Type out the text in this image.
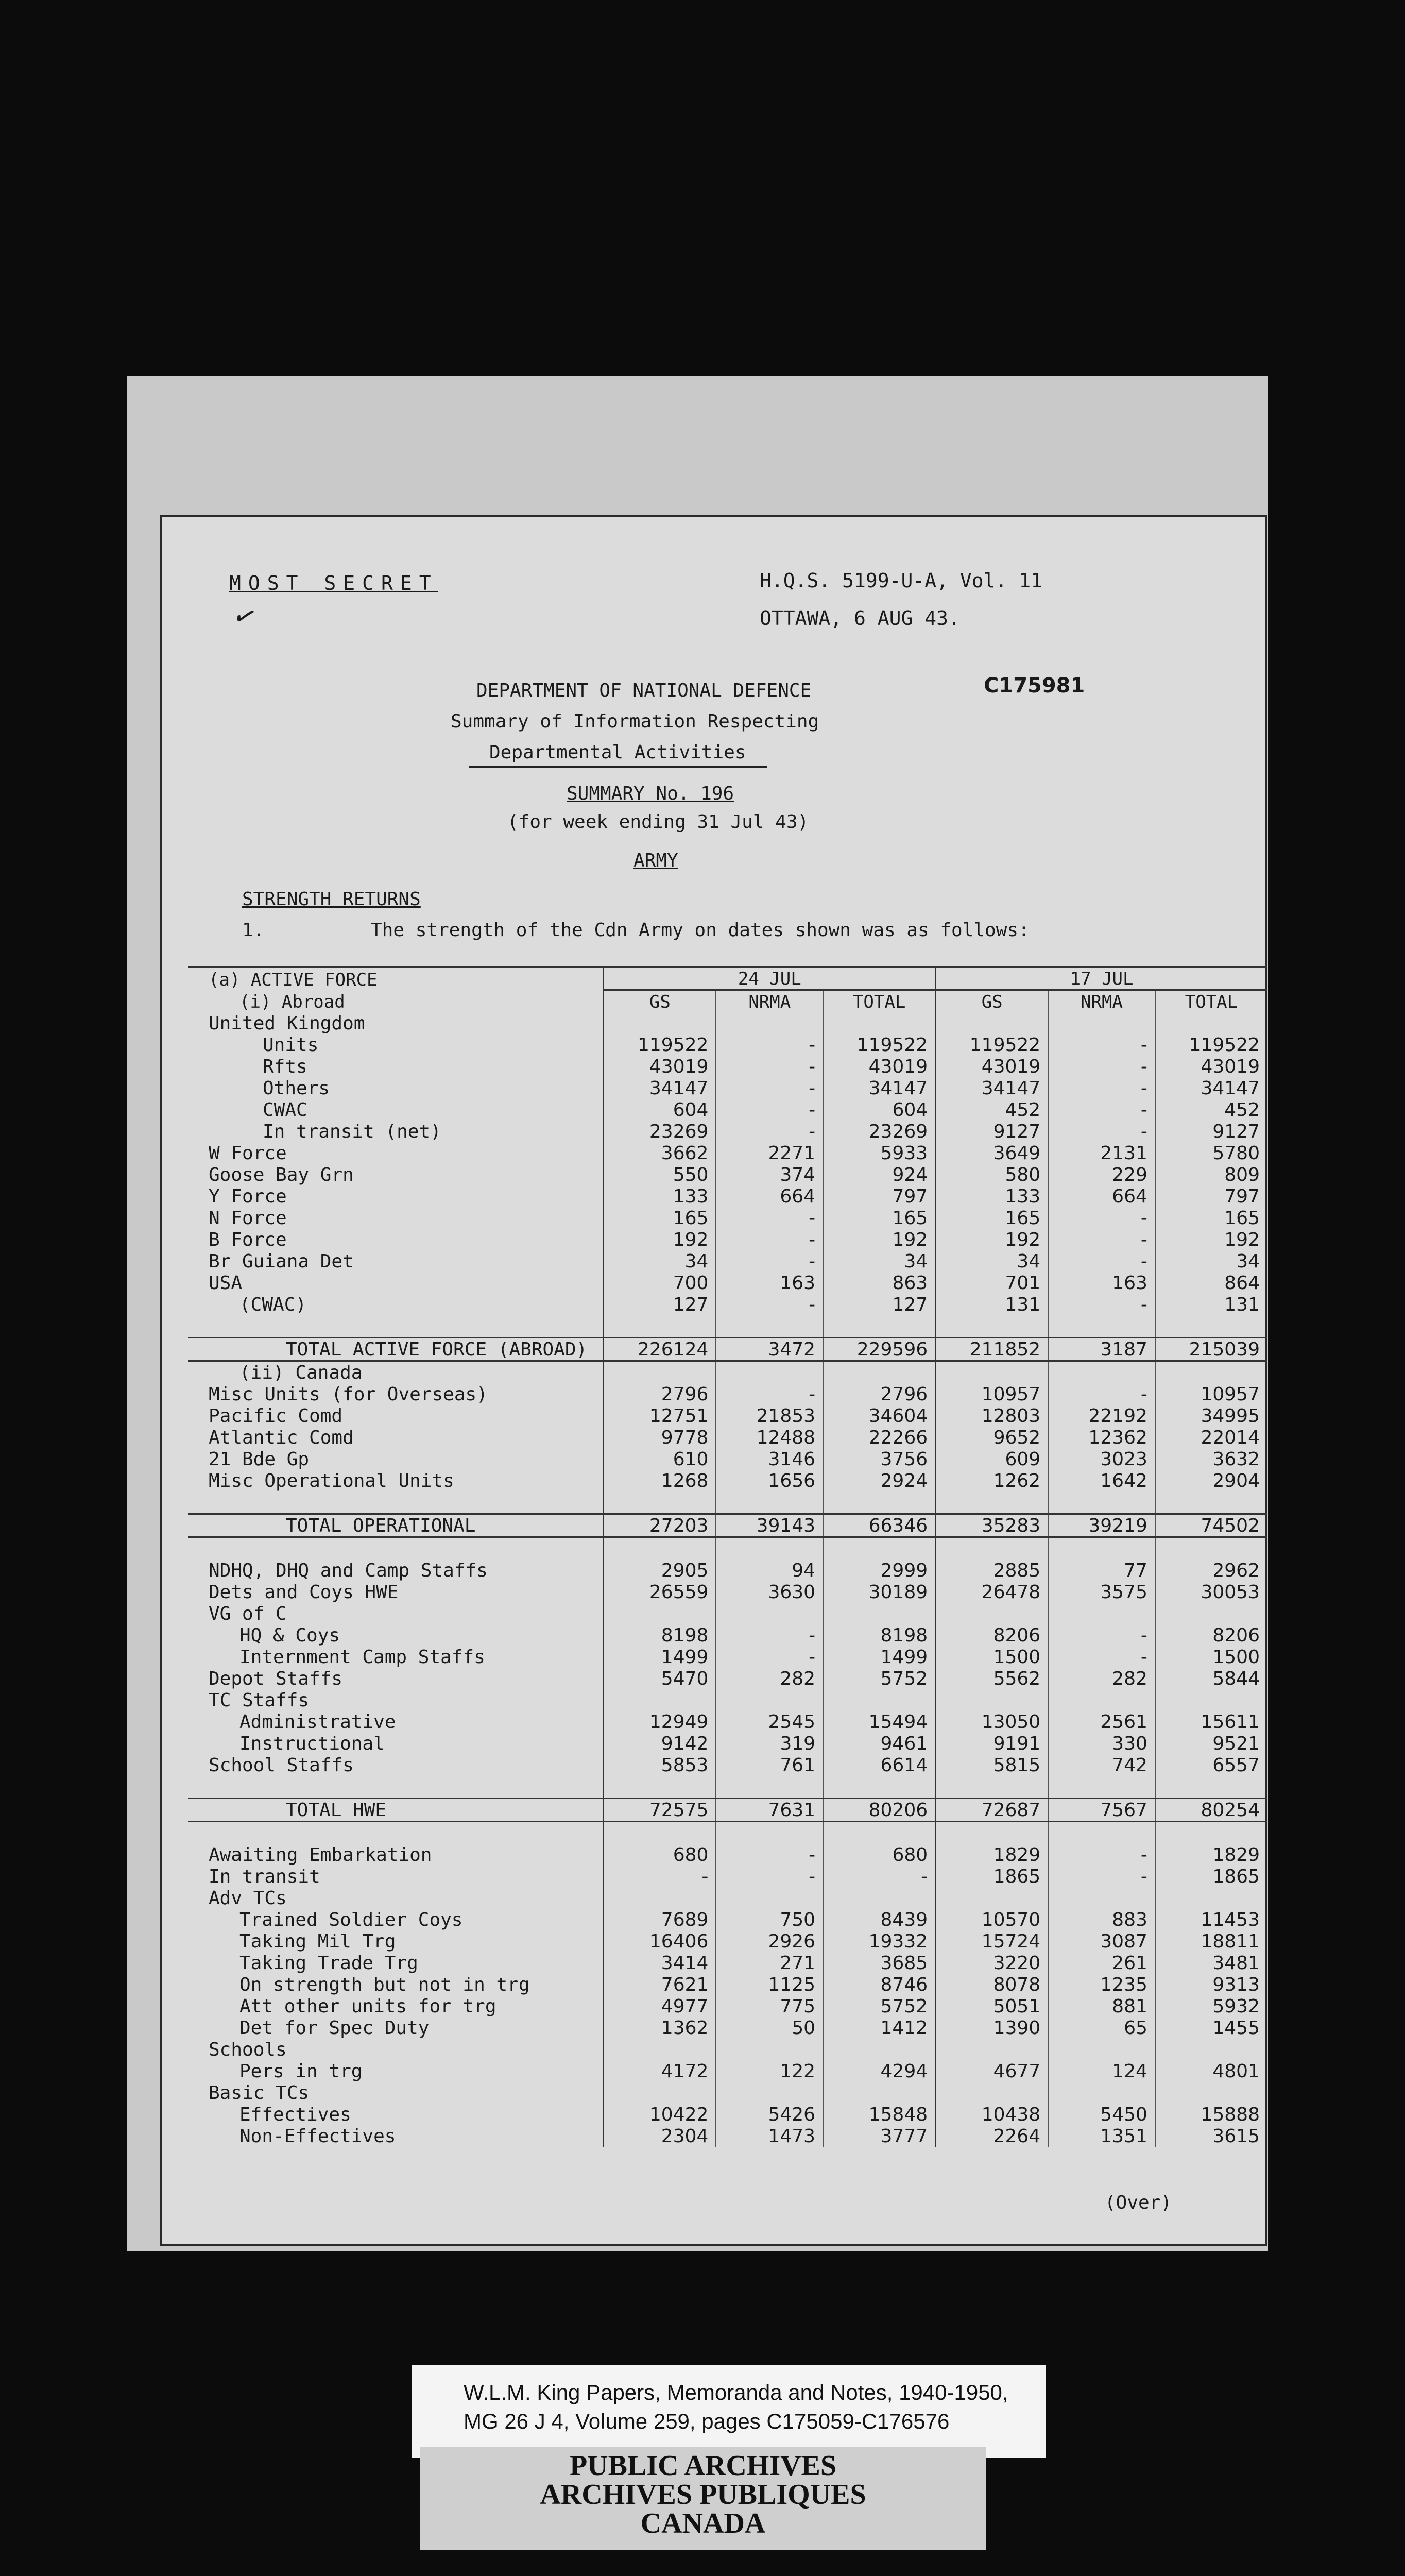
MOST SECRET
✓
H.Q.S. 5199-U-A, Vol. 11
OTTAWA, 6 AUG 43.
DEPARTMENT OF NATIONAL DEFENCE	C175981
Summary of Information Respecting
Departmental Activities
SUMMARY No. 196
(for week ending 31 Jul 43)
ARMY
STRENGTH RETURNS
1.	The strength of the Cdn Army on dates shown was as follows:
(a) ACTIVE FORCE	24 JUL			17 JUL		
(i) Abroad	GS	NRMA	TOTAL	GS	NRMA	TOTAL
United Kingdom						
Units	119522	-	119522	119522	-	119522
Rfts	43019	-	43019	43019	-	43019
Others	34147	-	34147	34147	-	34147
CWAC	604	-	604	452	-	452
In transit (net)	23269	-	23269	9127	-	9127
W Force	3662	2271	5933	3649	2131	5780
Goose Bay Grn	550	374	924	580	229	809
Y Force	133	664	797	133	664	797
N Force	165	-	165	165	-	165
B Force	192	-	192	192	-	192
Br Guiana Det	34	-	34	34	-	34
USA	700	163	863	701	163	864
(CWAC)	127	-	127	131	-	131

TOTAL ACTIVE FORCE (ABROAD)	226124	3472	229596	211852	3187	215039
(ii) Canada						
Misc Units (for Overseas)	2796	-	2796	10957	-	10957
Pacific Comd	12751	21853	34604	12803	22192	34995
Atlantic Comd	9778	12488	22266	9652	12362	22014
21 Bde Gp	610	3146	3756	609	3023	3632
Misc Operational Units	1268	1656	2924	1262	1642	2904

TOTAL OPERATIONAL	27203	39143	66346	35283	39219	74502

NDHQ, DHQ and Camp Staffs	2905	94	2999	2885	77	2962
Dets and Coys HWE	26559	3630	30189	26478	3575	30053
VG of C						
HQ & Coys	8198	-	8198	8206	-	8206
Internment Camp Staffs	1499	-	1499	1500	-	1500
Depot Staffs	5470	282	5752	5562	282	5844
TC Staffs						
Administrative	12949	2545	15494	13050	2561	15611
Instructional	9142	319	9461	9191	330	9521
School Staffs	5853	761	6614	5815	742	6557

TOTAL HWE	72575	7631	80206	72687	7567	80254

Awaiting Embarkation	680	-	680	1829	-	1829
In transit	-	-	-	1865	-	1865
Adv TCs						
Trained Soldier Coys	7689	750	8439	10570	883	11453
Taking Mil Trg	16406	2926	19332	15724	3087	18811
Taking Trade Trg	3414	271	3685	3220	261	3481
On strength but not in trg	7621	1125	8746	8078	1235	9313
Att other units for trg	4977	775	5752	5051	881	5932
Det for Spec Duty	1362	50	1412	1390	65	1455
Schools						
Pers in trg	4172	122	4294	4677	124	4801
Basic TCs						
Effectives	10422	5426	15848	10438	5450	15888
Non-Effectives	2304	1473	3777	2264	1351	3615
(Over)
W.L.M. King Papers, Memoranda and Notes, 1940-1950,
MG 26 J 4, Volume 259, pages C175059-C176576
PUBLIC ARCHIVES
ARCHIVES PUBLIQUES
CANADA
